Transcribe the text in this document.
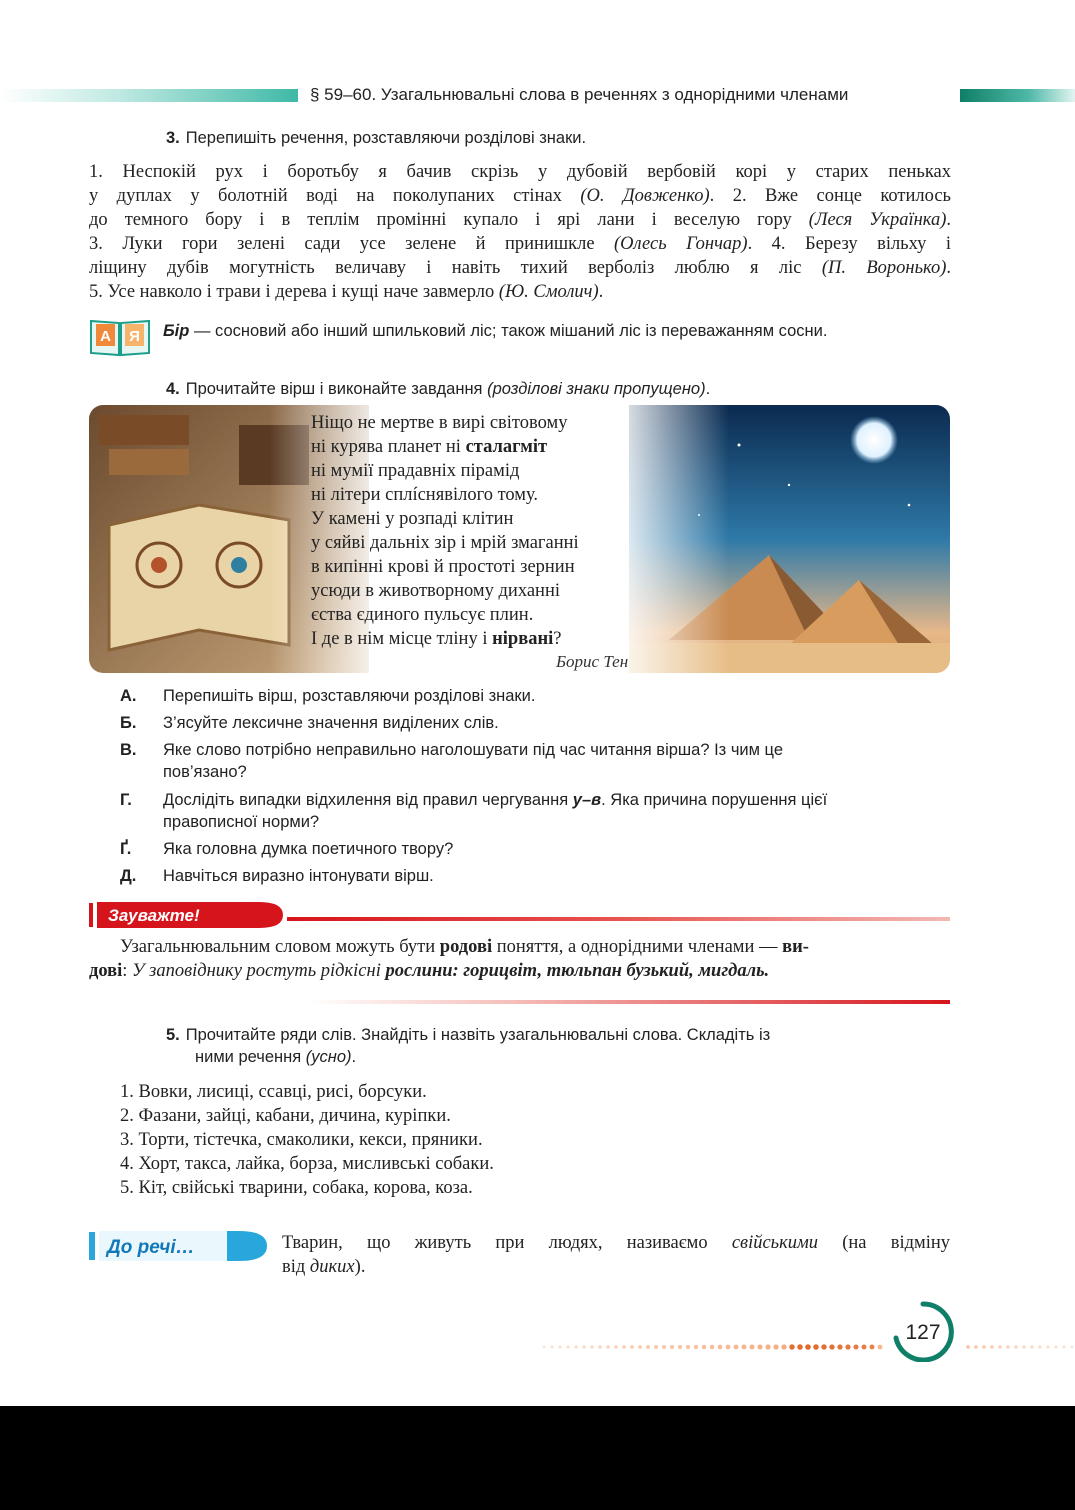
§ 59–60. Узагальнювальні слова в реченнях з однорідними членами
3. Перепишіть речення, розставляючи розділові знаки.
1. Неспокій рух і боротьбу я бачив скрізь у дубовій вербовій корі у старих пеньках
у дуплах у болотній воді на поколупаних стінах (О. Довженко). 2. Вже сонце котилось
до темного бору і в теплім промінні купало і ярі лани і веселую гору (Леся Українка).
3. Луки гори зелені сади усе зелене й принишкле (Олесь Гончар). 4. Березу вільху і
ліщину дубів могутність величаву і навіть тихий верболіз люблю я ліс (П. Воронько).
5. Усе навколо і трави і дерева і кущі наче завмерло (Ю. Смолич).
А Я Бір — сосновий або інший шпильковий ліс; також мішаний ліс із переважанням сосни.
4. Прочитайте вірш і виконайте завдання (розділові знаки пропущено).
Ніщо не мертве в вирі світовому
ні курява планет ні сталагміт
ні мумії прадавніх пірамід
ні літери сплíснявілого тому.
У камені у розпаді клітин
у сяйві дальніх зір і мрій змаганні
в кипінні крові й простоті зернин
усюди в животворному диханні
єства єдиного пульсує плин.
І де в нім місце тліну і нірвані?
Борис Тен
А. Перепишіть вірш, розставляючи розділові знаки.
Б. З’ясуйте лексичне значення виділених слів.
В. Яке слово потрібно неправильно наголошувати під час читання вірша? Із чим це пов’язано?
Г. Дослідіть випадки відхилення від правил чергування у–в. Яка причина порушення цієї правописної норми?
Ґ. Яка головна думка поетичного твору?
Д. Навчіться виразно інтонувати вірш.
Зауважте!
Узагальнювальним словом можуть бути родові поняття, а однорідними членами — ви-
дові: У заповіднику ростуть рідкісні рослини: горицвіт, тюльпан бузький, мигдаль.
5. Прочитайте ряди слів. Знайдіть і назвіть узагальнювальні слова. Складіть із
ними речення (усно).
1. Вовки, лисиці, ссавці, рисі, борсуки.
2. Фазани, зайці, кабани, дичина, куріпки.
3. Торти, тістечка, смаколики, кекси, пряники.
4. Хорт, такса, лайка, борза, мисливські собаки.
5. Кіт, свійські тварини, собака, корова, коза.
До речі…	Тварин, що живуть при людях, називаємо свійськими (на відміну
від диких).
127
